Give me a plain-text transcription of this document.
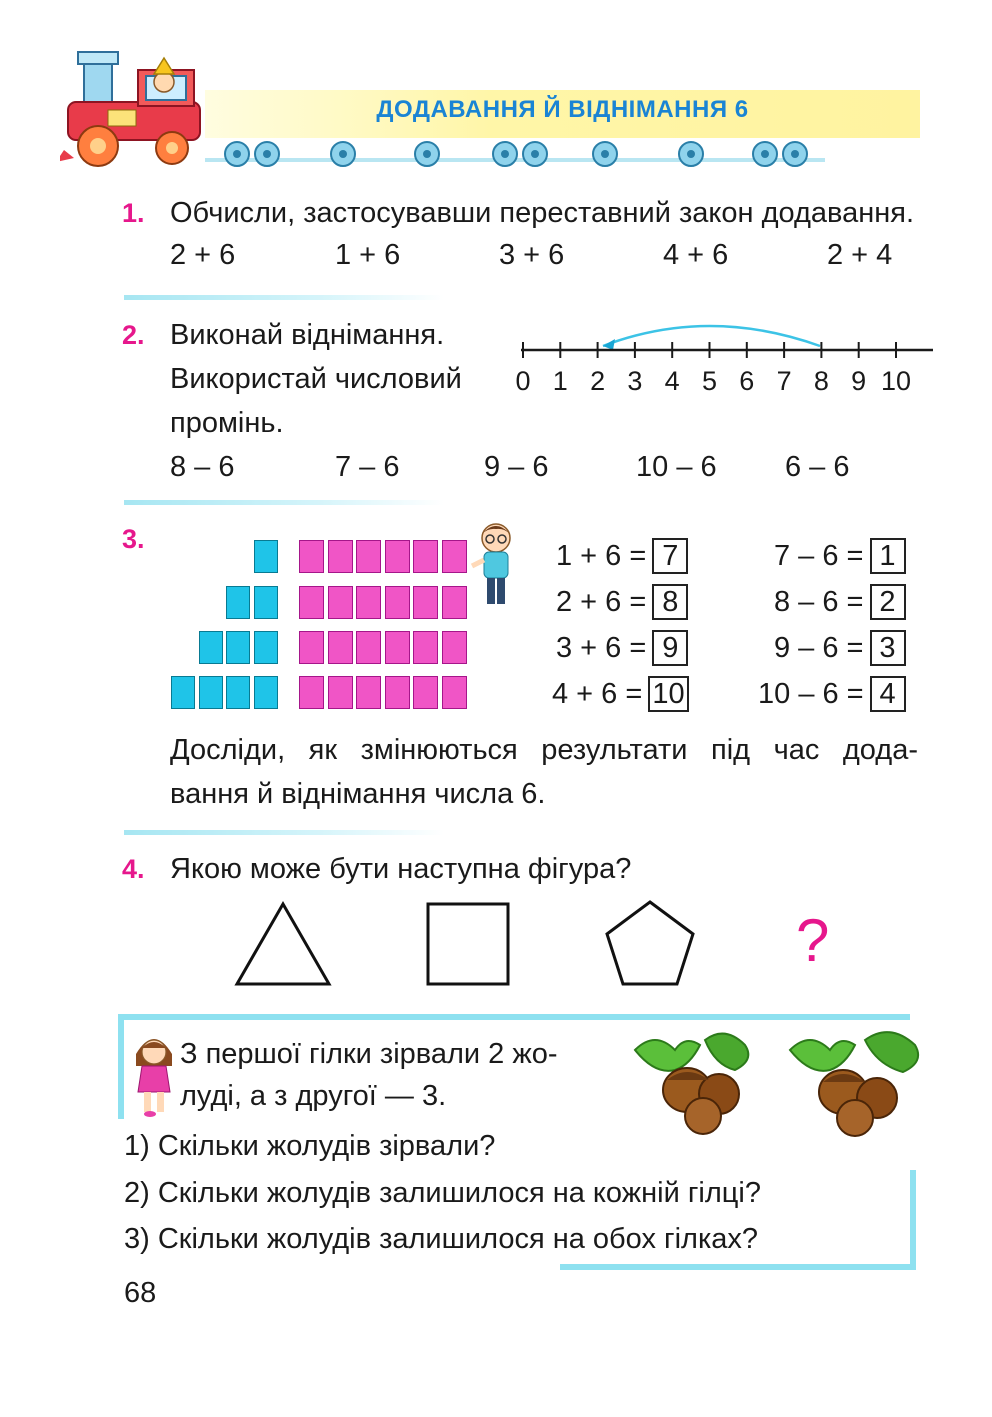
ДОДАВАННЯ Й ВІДНІМАННЯ 6
1. Обчисли, застосувавши переставний закон додавання.
2 + 6	1 + 6	3 + 6	4 + 6	2 + 4
2. Виконай віднімання.
Використай числовий
промінь.
0 1 2 3 4 5 6 7 8 9 10
8 – 6	7 – 6	9 – 6	10 – 6 6 – 6
3.
1 + 6 = 7
2 + 6 = 8
3 + 6 = 9
4 + 6 = 10
7 – 6 = 1
8 – 6 = 2
9 – 6 = 3
10 – 6 = 4
Досліди, як змінюються результати під час дода-
вання й віднімання числа 6.
4. Якою може бути наступна фігура?
?
З першої гілки зірвали 2 жо-
луді, а з другої — 3.
1) Скільки жолудів зірвали?
2) Скільки жолудів залишилося на кожній гілці?
3) Скільки жолудів залишилося на обох гілках?
68
